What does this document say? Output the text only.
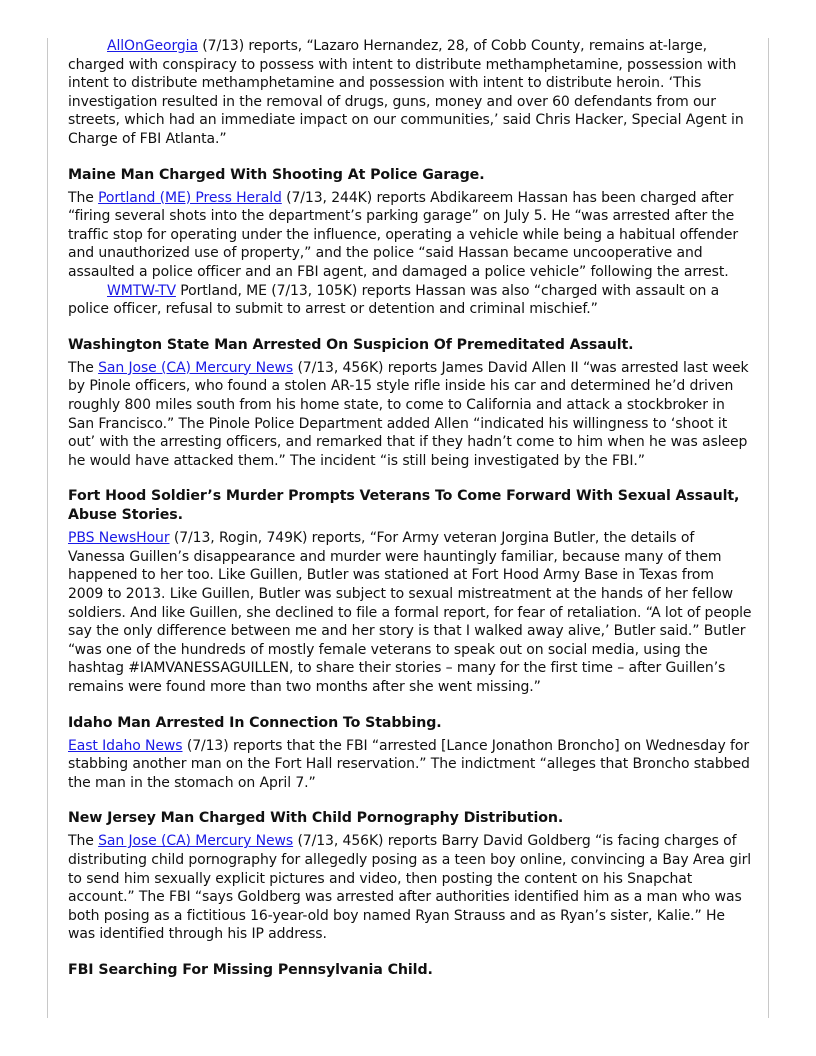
AllOnGeorgia (7/13) reports, “Lazaro Hernandez, 28, of Cobb County, remains at-large, charged with conspiracy to possess with intent to distribute methamphetamine, possession with intent to distribute methamphetamine and possession with intent to distribute heroin. ‘This investigation resulted in the removal of drugs, guns, money and over 60 defendants from our streets, which had an immediate impact on our communities,’ said Chris Hacker, Special Agent in Charge of FBI Atlanta.”

Maine Man Charged With Shooting At Police Garage.

The Portland (ME) Press Herald (7/13, 244K) reports Abdikareem Hassan has been charged after “firing several shots into the department’s parking garage” on July 5. He “was arrested after the traffic stop for operating under the influence, operating a vehicle while being a habitual offender and unauthorized use of property,” and the police “said Hassan became uncooperative and assaulted a police officer and an FBI agent, and damaged a police vehicle” following the arrest.

WMTW-TV Portland, ME (7/13, 105K) reports Hassan was also “charged with assault on a police officer, refusal to submit to arrest or detention and criminal mischief.”

Washington State Man Arrested On Suspicion Of Premeditated Assault.

The San Jose (CA) Mercury News (7/13, 456K) reports James David Allen II “was arrested last week by Pinole officers, who found a stolen AR-15 style rifle inside his car and determined he’d driven roughly 800 miles south from his home state, to come to California and attack a stockbroker in San Francisco.” The Pinole Police Department added Allen “indicated his willingness to ‘shoot it out’ with the arresting officers, and remarked that if they hadn’t come to him when he was asleep he would have attacked them.” The incident “is still being investigated by the FBI.”

Fort Hood Soldier’s Murder Prompts Veterans To Come Forward With Sexual Assault, Abuse Stories.

PBS NewsHour (7/13, Rogin, 749K) reports, “For Army veteran Jorgina Butler, the details of Vanessa Guillen’s disappearance and murder were hauntingly familiar, because many of them happened to her too. Like Guillen, Butler was stationed at Fort Hood Army Base in Texas from 2009 to 2013. Like Guillen, Butler was subject to sexual mistreatment at the hands of her fellow soldiers. And like Guillen, she declined to file a formal report, for fear of retaliation. “A lot of people say the only difference between me and her story is that I walked away alive,’ Butler said.” Butler “was one of the hundreds of mostly female veterans to speak out on social media, using the hashtag #IAMVANESSAGUILLEN, to share their stories – many for the first time – after Guillen’s remains were found more than two months after she went missing.”

Idaho Man Arrested In Connection To Stabbing.

East Idaho News (7/13) reports that the FBI “arrested [Lance Jonathon Broncho] on Wednesday for stabbing another man on the Fort Hall reservation.” The indictment “alleges that Broncho stabbed the man in the stomach on April 7.”

New Jersey Man Charged With Child Pornography Distribution.

The San Jose (CA) Mercury News (7/13, 456K) reports Barry David Goldberg “is facing charges of distributing child pornography for allegedly posing as a teen boy online, convincing a Bay Area girl to send him sexually explicit pictures and video, then posting the content on his Snapchat account.” The FBI “says Goldberg was arrested after authorities identified him as a man who was both posing as a fictitious 16-year-old boy named Ryan Strauss and as Ryan’s sister, Kalie.” He was identified through his IP address.

FBI Searching For Missing Pennsylvania Child.
